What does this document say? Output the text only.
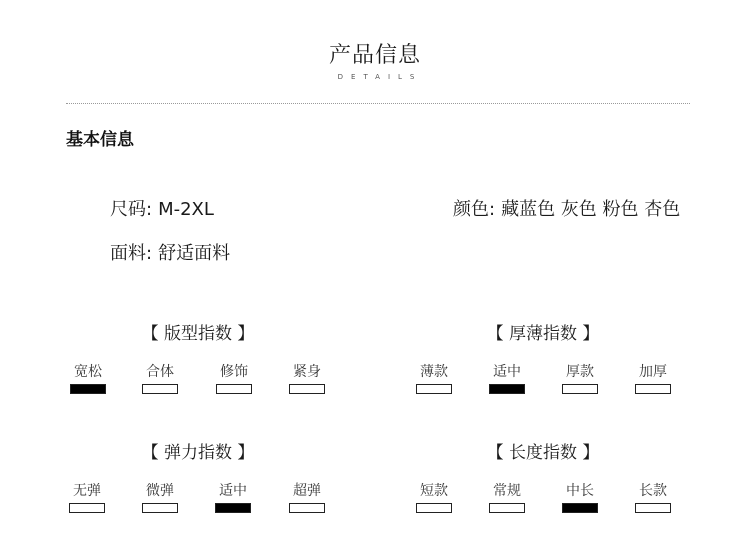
产品信息
DETAILS
基本信息
尺码: M-2XL	颜色: 藏蓝色 灰色 粉色 杏色
面料: 舒适面料
【 版型指数 】
宽松	合体	修饰	紧身
【 厚薄指数 】
薄款	适中	厚款	加厚
【 弹力指数 】
无弹	微弹	适中	超弹
【 长度指数 】
短款	常规	中长	长款
